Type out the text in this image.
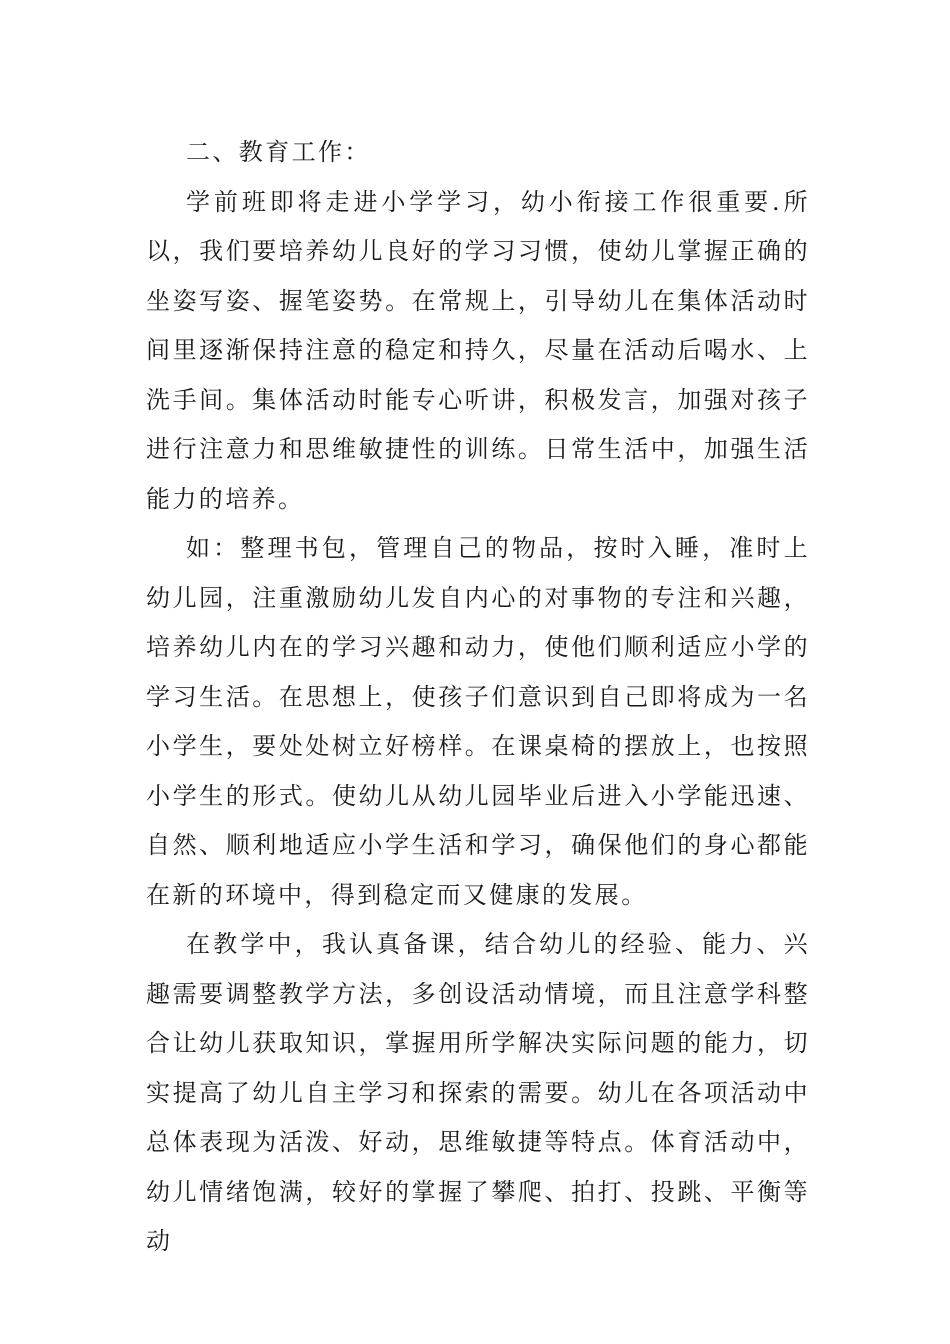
二、教育工作：

学前班即将走进小学学习，幼小衔接工作很重要.所以，我们要培养幼儿良好的学习习惯，使幼儿掌握正确的坐姿写姿、握笔姿势。在常规上，引导幼儿在集体活动时间里逐渐保持注意的稳定和持久，尽量在活动后喝水、上洗手间。集体活动时能专心听讲，积极发言，加强对孩子进行注意力和思维敏捷性的训练。日常生活中，加强生活能力的培养。

如：整理书包，管理自己的物品，按时入睡，准时上幼儿园，注重激励幼儿发自内心的对事物的专注和兴趣，培养幼儿内在的学习兴趣和动力，使他们顺利适应小学的学习生活。在思想上，使孩子们意识到自己即将成为一名小学生，要处处树立好榜样。在课桌椅的摆放上，也按照小学生的形式。使幼儿从幼儿园毕业后进入小学能迅速、自然、顺利地适应小学生活和学习，确保他们的身心都能在新的环境中，得到稳定而又健康的发展。

在教学中，我认真备课，结合幼儿的经验、能力、兴趣需要调整教学方法，多创设活动情境，而且注意学科整合让幼儿获取知识，掌握用所学解决实际问题的能力，切实提高了幼儿自主学习和探索的需要。幼儿在各项活动中总体表现为活泼、好动，思维敏捷等特点。体育活动中，幼儿情绪饱满，较好的掌握了攀爬、拍打、投跳、平衡等动
